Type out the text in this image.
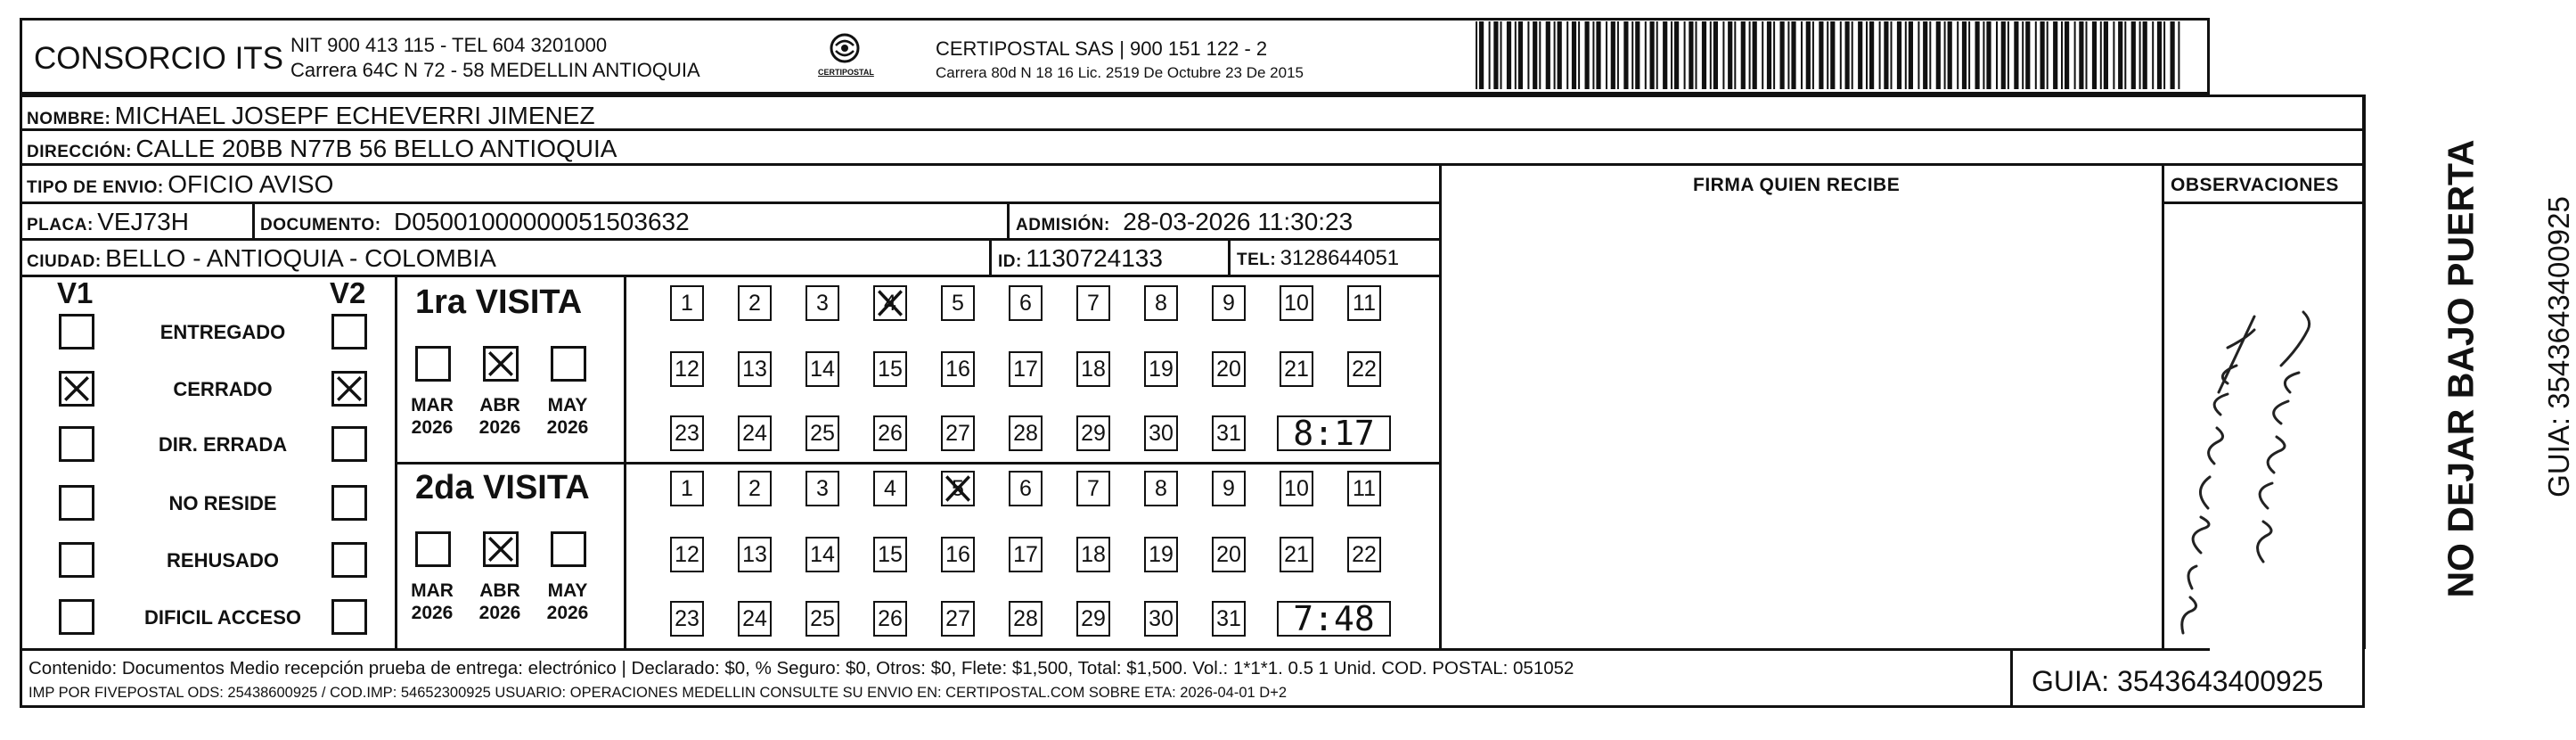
CONSORCIO ITS NIT 900 413 115 - TEL 604 3201000
Carrera 64C N 72 - 58 MEDELLIN ANTIOQUIA	CERTIPOSTAL
CERTIPOSTAL SAS | 900 151 122 - 2
Carrera 80d N 18 16 Lic. 2519 De Octubre 23 De 2015
NOMBRE: MICHAEL JOSEPF ECHEVERRI JIMENEZ
DIRECCIÓN: CALLE 20BB N77B 56 BELLO ANTIOQUIA
TIPO DE ENVIO: OFICIO AVISO
PLACA: VEJ73H	DOCUMENTO: D05001000000051503632	ADMISIÓN: 28-03-2026 11:30:23
CIUDAD: BELLO - ANTIOQUIA - COLOMBIA	ID: 1130724133	TEL: 3128644051
FIRMA QUIEN RECIBE	OBSERVACIONES
V1	V2
ENTREGADO
CERRADO
DIR. ERRADA
NO RESIDE
REHUSADO
DIFICIL ACCESO
1ra VISITA
2da VISITA
MAR
2026
ABR
2026
MAY
2026
1	2	3	4	5	6	7	8	9	10 11
12 13 14 15 16 17 18 19 20 21 22
23 24 25 26 27 28 29 30 31	8:17
MAR
2026
ABR
2026
MAY
2026
1	2	3	4	5	6	7	8	9	10 11
12 13 14 15 16 17 18 19 20 21 22
23 24 25 26 27 28 29 30 31	7:48
puerta cerra no hay
Contenido: Documentos Medio recepción prueba de entrega: electrónico | Declarado: $0, % Seguro: $0, Otros: $0, Flete: $1,500, Total: $1,500. Vol.: 1*1*1. 0.5 1 Unid. COD. POSTAL: 051052
IMP POR FIVEPOSTAL ODS: 25438600925 / COD.IMP: 54652300925 USUARIO: OPERACIONES MEDELLIN CONSULTE SU ENVIO EN: CERTIPOSTAL.COM SOBRE ETA: 2026-04-01 D+2	GUIA: 3543643400925
NO DEJAR BAJO PUERTA GUIA: 3543643400925
